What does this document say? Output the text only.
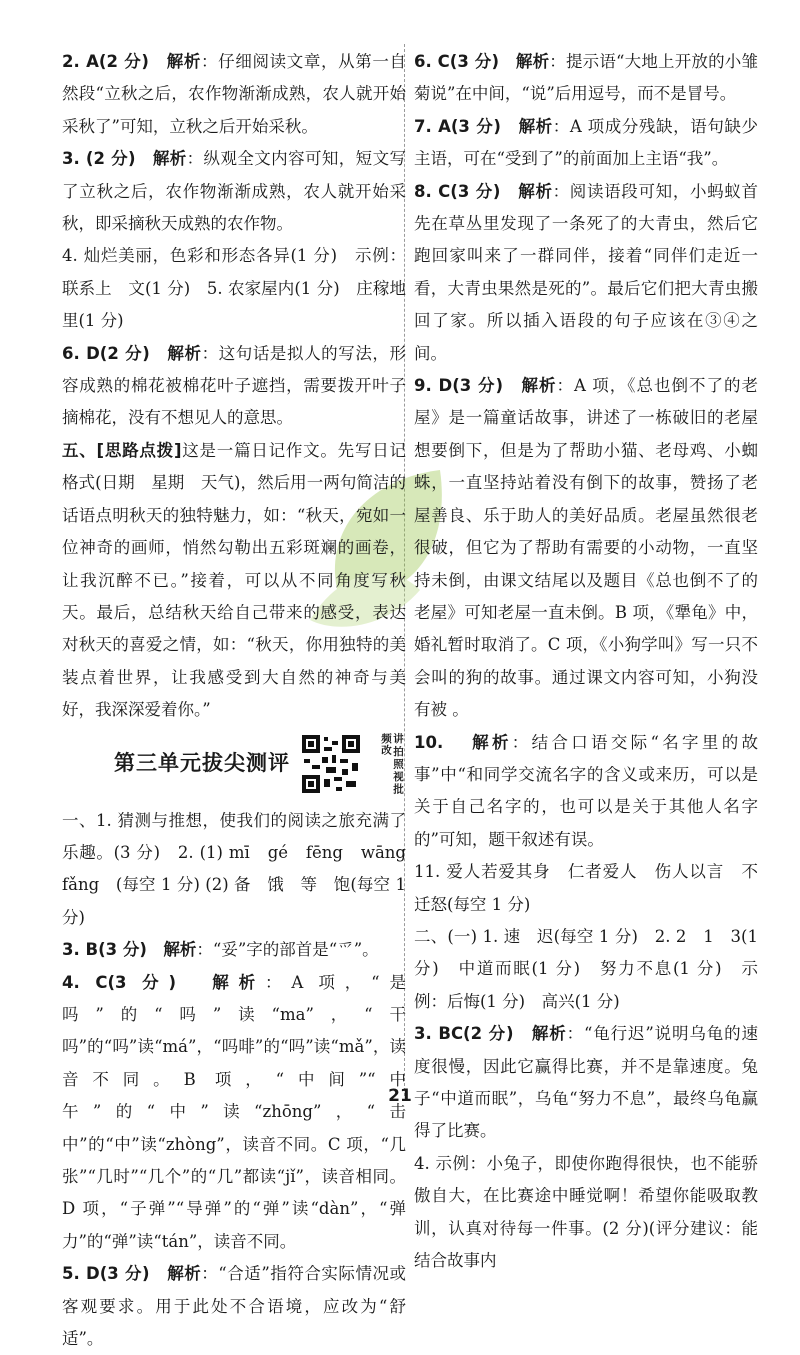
2. A(2 分)　 解析：仔细阅读文章，从第一自然段“立秋之后，农作物渐渐成熟，农人就开始采秋了”可知，立秋之后开始采秋。

3. (2 分)　 解析：纵观全文内容可知，短文写了立秋之后，农作物渐渐成熟，农人就开始采秋，即采摘秋天成熟的农作物。

4. 灿烂美丽，色彩和形态各异(1 分)　示例：联系上　文(1 分)　5. 农家屋内(1 分)　庄稼地里(1 分)

6. D(2 分)　 解析：这句话是拟人的写法，形容成熟的棉花被棉花叶子遮挡，需要拨开叶子摘棉花，没有不想见人的意思。

五、[思路点拨]这是一篇日记作文。先写日记格式(日期　星期　天气)，然后用一两句简洁的话语点明秋天的独特魅力，如：“秋天，宛如一位神奇的画师，悄然勾勒出五彩斑斓的画卷，让我沉醉不已。”接着，可以从不同角度写秋天。最后，总结秋天给自己带来的感受，表达对秋天的喜爱之情，如：“秋天，你用独特的美装点着世界，让我感受到大自然的神奇与美好，我深深爱着你。”

第三单元拔尖测评	讲拍照视批频改

一、1. 猜测与推想，使我们的阅读之旅充满了乐趣。(3 分)　2. (1) mī　gé　fēng　wāng　fǎng　(每空 1 分) (2) 备　饿　等　饱(每空 1 分)

3. B(3 分)　 解析：“妥”字的部首是“爫”。

4. C(3 分)　 解析：A 项，“是吗”的“吗”读“ma”，“干吗”的“吗”读“má”，“吗啡”的“吗”读“mǎ”，读音不同。B 项，“中间”“中午”的“中”读“zhōng”，“击中”的“中”读“zhòng”，读音不同。C 项，“几张”“几时”“几个”的“几”都读“jǐ”，读音相同。D 项，“子弹”“导弹”的“弹”读“dàn”，“弹力”的“弹”读“tán”，读音不同。

5. D(3 分)　 解析：“合适”指符合实际情况或客观要求。用于此处不合语境，应改为“舒适”。

6. C(3 分)　 解析：提示语“大地上开放的小雏菊说”在中间，“说”后用逗号，而不是冒号。

7. A(3 分)　 解析：A 项成分残缺，语句缺少主语，可在“受到了”的前面加上主语“我”。

8. C(3 分)　 解析：阅读语段可知，小蚂蚁首先在草丛里发现了一条死了的大青虫，然后它跑回家叫来了一群同伴，接着“同伴们走近一看，大青虫果然是死的”。最后它们把大青虫搬回了家。所以插入语段的句子应该在③④之间。

9. D(3 分)　 解析：A 项，《总也倒不了的老屋》是一篇童话故事，讲述了一栋破旧的老屋想要倒下，但是为了帮助小猫、老母鸡、小蜘蛛，一直坚持站着没有倒下的故事，赞扬了老屋善良、乐于助人的美好品质。老屋虽然很老很破，但它为了帮助有需要的小动物，一直坚持未倒，由课文结尾以及题目《总也倒不了的老屋》可知老屋一直未倒。B 项，《犟龟》中，婚礼暂时取消了。C 项，《小狗学叫》写一只不会叫的狗的故事。通过课文内容可知，小狗没有被 。

10. 　解析：结合口语交际“名字里的故事”中“和同学交流名字的含义或来历，可以是关于自己名字的，也可以是关于其他人名字的”可知，题干叙述有误。

11. 爱人若爱其身　仁者爱人　伤人以言　不迁怒(每空 1 分)

二、(一) 1. 速　迟(每空 1 分)　2. 2　1　3(1 分)　中道而眠(1 分)　努力不息(1 分)　示例：后悔(1 分)　高兴(1 分)

3. BC(2 分)　 解析：“龟行迟”说明乌龟的速度很慢，因此它赢得比赛，并不是靠速度。兔子“中道而眠”，乌龟“努力不息”，最终乌龟赢得了比赛。

4. 示例：小兔子，即使你跑得很快，也不能骄傲自大，在比赛途中睡觉啊！希望你能吸取教训，认真对待每一件事。(2 分)(评分建议：能结合故事内

21
